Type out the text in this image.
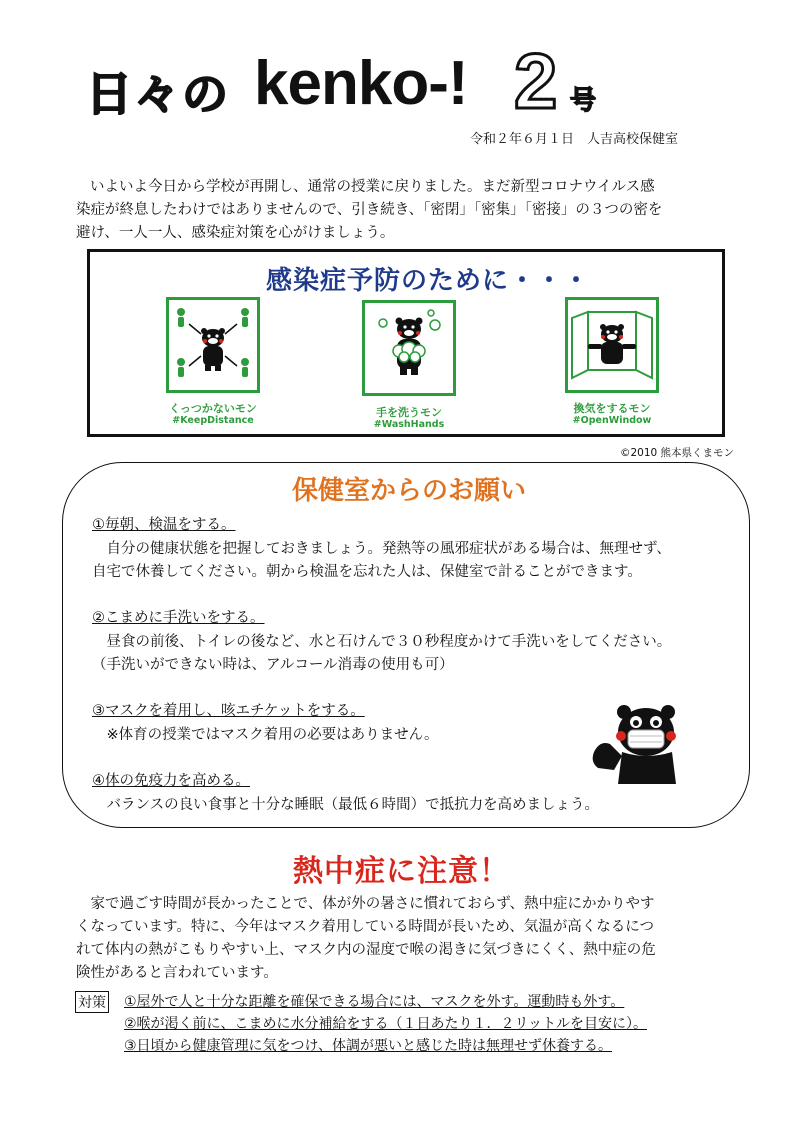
日々の kenko-! 2 号
令和２年６月１日　人吉高校保健室
いよいよ今日から学校が再開し、通常の授業に戻りました。まだ新型コロナウイルス感
染症が終息したわけではありませんので、引き続き、「密閉」「密集」「密接」の３つの密を
避け、一人一人、感染症対策を心がけましょう。
感染症予防のために・・・
くっつかないモン
#KeepDistance
手を洗うモン
#WashHands
換気をするモン
#OpenWindow
©2010 熊本県くまモン
保健室からのお願い
①毎朝、検温をする。
　自分の健康状態を把握しておきましょう。発熱等の風邪症状がある場合は、無理せず、
自宅で休養してください。朝から検温を忘れた人は、保健室で計ることができます。
②こまめに手洗いをする。
　昼食の前後、トイレの後など、水と石けんで３０秒程度かけて手洗いをしてください。
（手洗いができない時は、アルコール消毒の使用も可）
③マスクを着用し、咳エチケットをする。
　※体育の授業ではマスク着用の必要はありません。
④体の免疫力を高める。
　バランスの良い食事と十分な睡眠（最低６時間）で抵抗力を高めましょう。
熱中症に注意！
　家で過ごす時間が長かったことで、体が外の暑さに慣れておらず、熱中症にかかりやす
くなっています。特に、今年はマスク着用している時間が長いため、気温が高くなるにつ
れて体内の熱がこもりやすい上、マスク内の湿度で喉の渇きに気づきにくく、熱中症の危
険性があると言われています。
対策 ①屋外で人と十分な距離を確保できる場合には、マスクを外す。運動時も外す。
②喉が渇く前に、こまめに水分補給をする（１日あたり１．２リットルを目安に）。
③日頃から健康管理に気をつけ、体調が悪いと感じた時は無理せず休養する。
